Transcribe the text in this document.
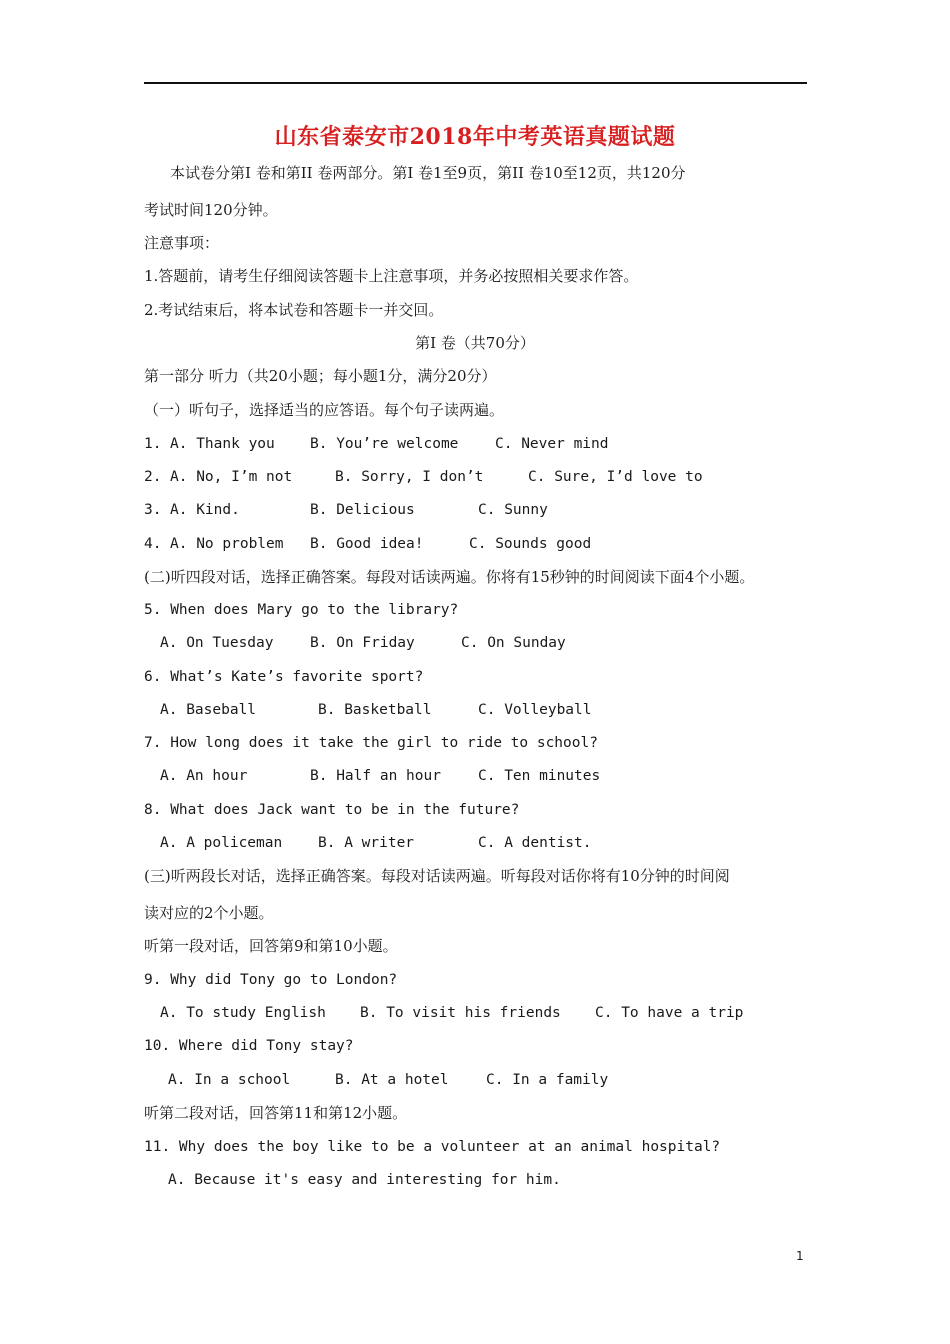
山东省泰安市2018年中考英语真题试题
本试卷分第Ⅰ 卷和第II 卷两部分。第Ⅰ 卷1至9页，第II 卷10至12页，共120分
考试时间120分钟。
注意事项：
1.答题前，请考生仔细阅读答题卡上注意事项，并务必按照相关要求作答。
2.考试结束后，将本试卷和答题卡一并交回。
第Ⅰ 卷（共70分）
第一部分 听力（共20小题；每小题1分，满分20分）
（一）听句子，选择适当的应答语。每个句子读两遍。
1. A. Thank you B. You’re welcome	C. Never mind
2. A. No, I’m not	B. Sorry, I don’t	C. Sure, I’d love to
3. A. Kind.	B. Delicious	C. Sunny
4. A. No problem B. Good idea!	C. Sounds good
(二)听四段对话，选择正确答案。每段对话读两遍。你将有15秒钟的时间阅读下面4个小题。
5. When does Mary go to the library?
A. On Tuesday	B. On Friday	C. On Sunday
6. What’s Kate’s favorite sport?
A. Baseball	B. Basketball	C. Volleyball
7. How long does it take the girl to ride to school?
A. An hour	B. Half an hour	C. Ten minutes
8. What does Jack want to be in the future?
A. A policeman B. A writer	C. A dentist.
(三)听两段长对话，选择正确答案。每段对话读两遍。听每段对话你将有10分钟的时间阅
读对应的2个小题。
听第一段对话，回答第9和第10小题。
9. Why did Tony go to London?
A. To study English B. To visit his friends C. To have a trip
10. Where did Tony stay?
A. In a school	B. At a hotel	C. In a family
听第二段对话，回答第11和第12小题。
11. Why does the boy like to be a volunteer at an animal hospital?
A. Because it's easy and interesting for him.
1
